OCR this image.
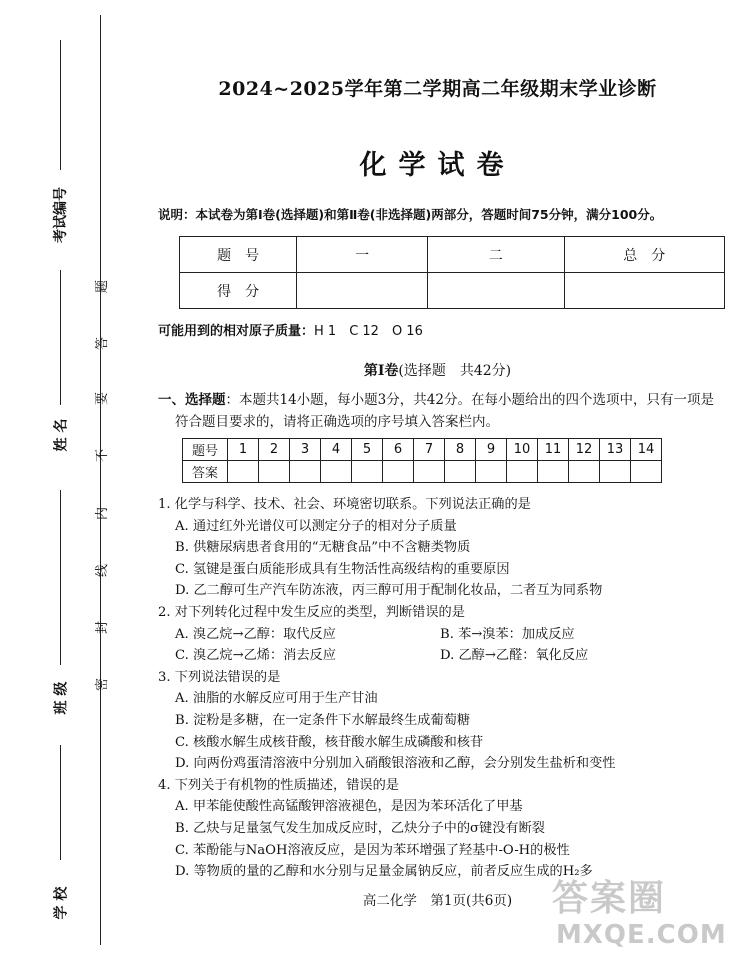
考试编号
姓 名
班 级
学 校
题
答
要
不
内
线
封
密
2024~2025学年第二学期高二年级期末学业诊断
化学试卷
说明：本试卷为第Ⅰ卷(选择题)和第Ⅱ卷(非选择题)两部分，答题时间75分钟，满分100分。
题　号	一	二	总　分
得　分			
可能用到的相对原子质量：H 1　C 12　O 16
第Ⅰ卷(选择题　共42分)
一、选择题：本题共14小题，每小题3分，共42分。在每小题给出的四个选项中，只有一项是
符合题目要求的，请将正确选项的序号填入答案栏内。
题号	1	2	3	4	5	6	7	8	9	10	11	12	13	14
答案														
1. 化学与科学、技术、社会、环境密切联系。下列说法正确的是
A. 通过红外光谱仪可以测定分子的相对分子质量
B. 供糖尿病患者食用的“无糖食品”中不含糖类物质
C. 氢键是蛋白质能形成具有生物活性高级结构的重要原因
D. 乙二醇可生产汽车防冻液，丙三醇可用于配制化妆品，二者互为同系物
2. 对下列转化过程中发生反应的类型，判断错误的是
A. 溴乙烷→乙醇：取代反应	B. 苯→溴苯：加成反应
C. 溴乙烷→乙烯：消去反应	D. 乙醇→乙醛：氧化反应
3. 下列说法错误的是
A. 油脂的水解反应可用于生产甘油
B. 淀粉是多糖，在一定条件下水解最终生成葡萄糖
C. 核酸水解生成核苷酸，核苷酸水解生成磷酸和核苷
D. 向两份鸡蛋清溶液中分别加入硝酸银溶液和乙醇，会分别发生盐析和变性
4. 下列关于有机物的性质描述，错误的是
A. 甲苯能使酸性高锰酸钾溶液褪色，是因为苯环活化了甲基
B. 乙炔与足量氢气发生加成反应时，乙炔分子中的σ键没有断裂
C. 苯酚能与NaOH溶液反应，是因为苯环增强了羟基中-O-H的极性
D. 等物质的量的乙醇和水分别与足量金属钠反应，前者反应生成的H₂多
高二化学　第1页(共6页)	答案圈
MXQE.COM
